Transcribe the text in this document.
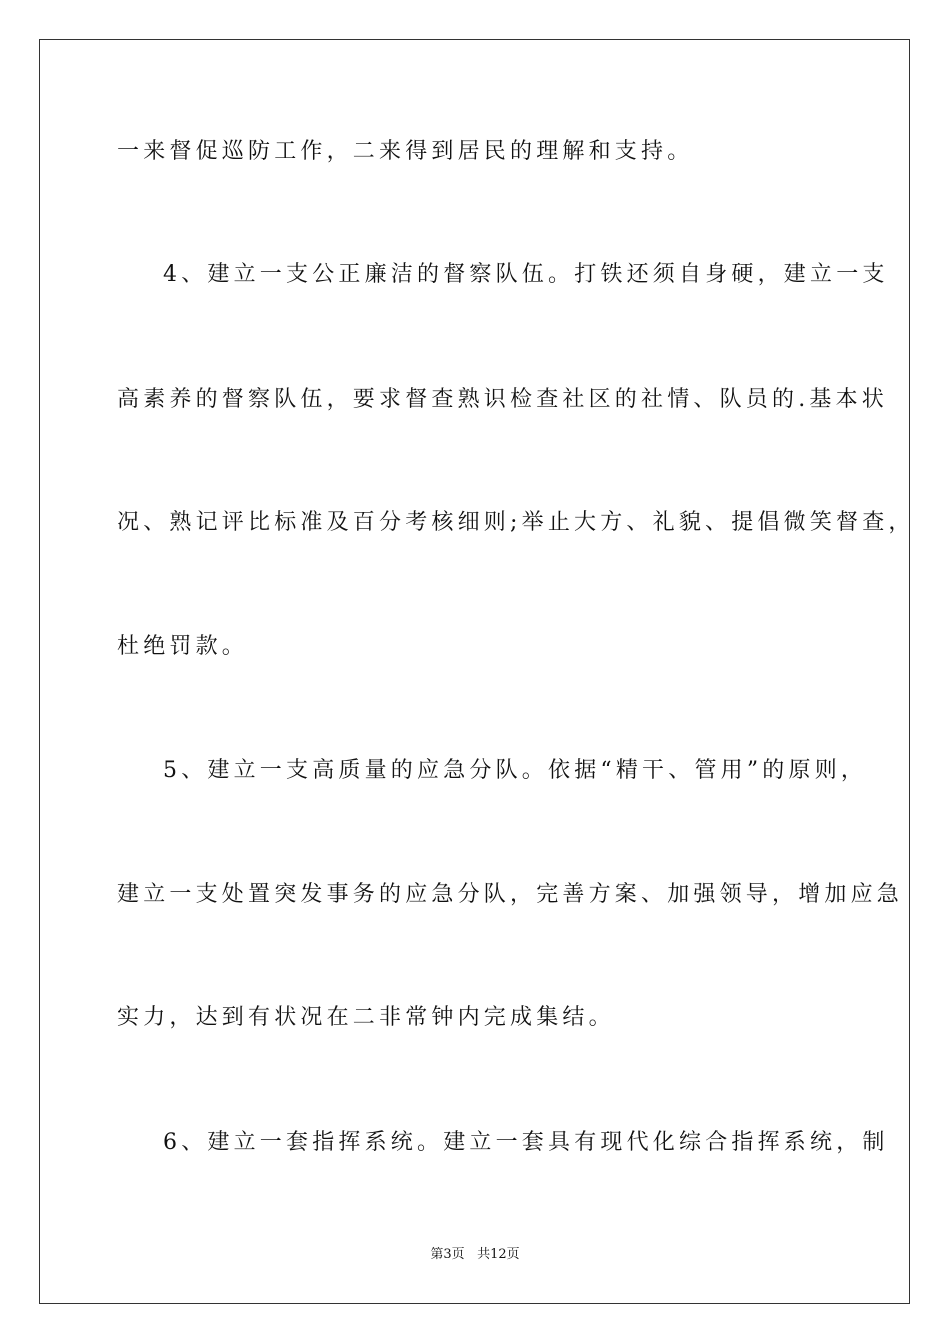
一来督促巡防工作，二来得到居民的理解和支持。
4、建立一支公正廉洁的督察队伍。打铁还须自身硬，建立一支
高素养的督察队伍，要求督查熟识检查社区的社情、队员的.基本状
况、熟记评比标准及百分考核细则;举止大方、礼貌、提倡微笑督查，
杜绝罚款。
5、建立一支高质量的应急分队。依据“精干、管用”的原则，
建立一支处置突发事务的应急分队，完善方案、加强领导，增加应急
实力，达到有状况在二非常钟内完成集结。
6、建立一套指挥系统。建立一套具有现代化综合指挥系统，制
第3页 共12页
